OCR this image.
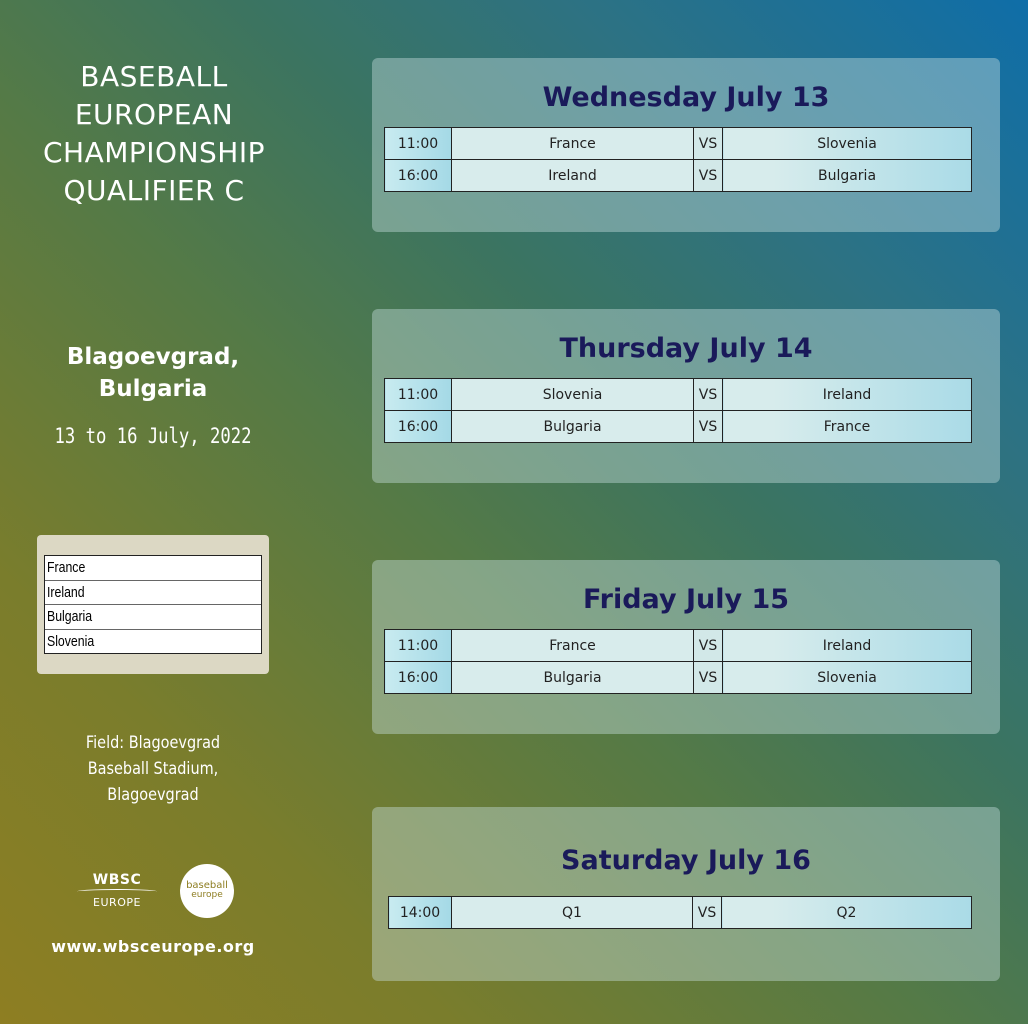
BASEBALL
EUROPEAN
CHAMPIONSHIP
QUALIFIER C
Blagoevgrad,
Bulgaria
13 to 16 July, 2022
France
Ireland
Bulgaria
Slovenia
Field: Blagoevgrad
Baseball Stadium,
Blagoevgrad
WBSC
EUROPE
baseball
europe
www.wbsceurope.org
Wednesday July 13
11:00	France	VS	Slovenia
16:00	Ireland	VS	Bulgaria
Thursday July 14
11:00	Slovenia	VS	Ireland
16:00	Bulgaria	VS	France
Friday July 15
11:00	France	VS	Ireland
16:00	Bulgaria	VS	Slovenia
Saturday July 16
14:00	Q1	VS	Q2
